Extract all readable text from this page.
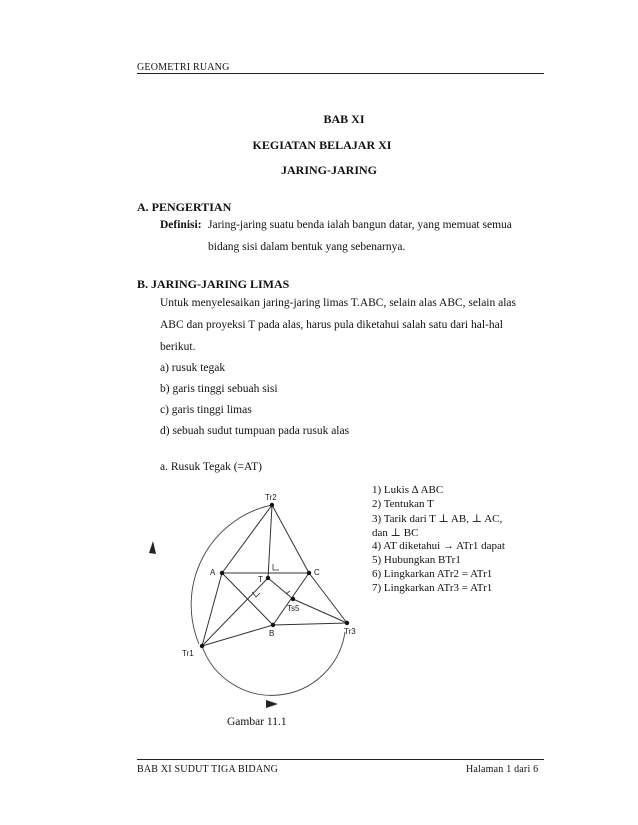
GEOMETRI RUANG
BAB XI
KEGIATAN BELAJAR XI
JARING-JARING
A. PENGERTIAN
Definisi: Jaring-jaring suatu benda ialah bangun datar, yang memuat semua
bidang sisi dalam bentuk yang sebenarnya.
B. JARING-JARING LIMAS
Untuk menyelesaikan jaring-jaring limas T.ABC, selain alas ABC, selain alas
ABC dan proyeksi T pada alas, harus pula diketahui salah satu dari hal-hal
berikut.
a) rusuk tegak
b) garis tinggi sebuah sisi
c) garis tinggi limas
d) sebuah sudut tumpuan pada rusuk alas
a. Rusuk Tegak (=AT)
1) Lukis ∆ ABC
2) Tentukan T
3) Tarik dari T ⊥ AB, ⊥ AC,
dan ⊥ BC
4) AT diketahui → ATr1 dapat
5) Hubungkan BTr1
6) Lingkarkan ATr2 = ATr1
7) Lingkarkan ATr3 = ATr1
Tr2
A
T
C
Ts5
B	Tr3
Tr1
Gambar 11.1
BAB XI SUDUT TIGA BIDANG	Halaman 1 dari 6
